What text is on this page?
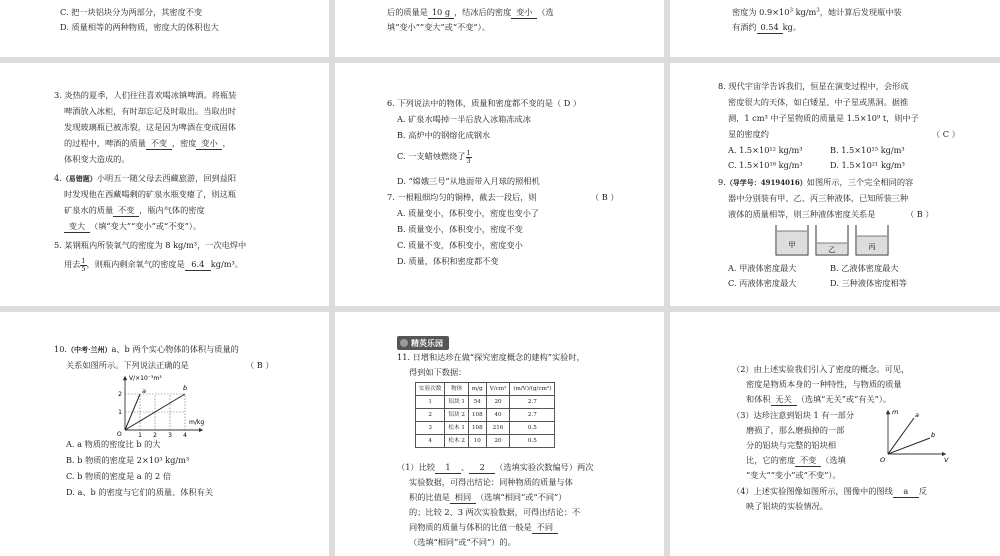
C. 把一块铝块分为两部分，其密度不变
D. 质量相等的两种物质，密度大的体积也大
后的质量是 10 g ，结冰后的密度 变小 （选
填“变小”“变大”或“不变”）。
密度为 $0.9\times 10^3$ $kg/m^3$，她计算后发现瓶中装
有酒约 0.54 kg。
3. 炎热的夏季，人们往往喜欢喝冰镇啤酒。将瓶装
啤酒放入冰柜，有时却忘记及时取出。当取出时
发现玻璃瓶已被冻裂，这是因为啤酒在变成固体
的过程中，啤酒的质量 不变 ，密度 变小 ，
体积变大造成的。
4.（易错题）小明五一随父母去西藏旅游，回到益阳
时发现他在西藏喝剩的矿泉水瓶变瘪了，则这瓶
矿泉水的质量 不变 ，瓶内气体的密度
变大 （填“变大”“变小”或“不变”）。
5. 某钢瓶内所装氧气的密度为 8 kg/m³，一次电焊中
用去 $\frac{1}{5}$ ，则瓶内剩余氧气的密度是 6.4 kg/m³。
6. 下列说法中的物体，质量和密度都不变的是（ D ）
A. 矿泉水喝掉一半后放入冰箱冻成冰
B. 高炉中的钢熔化成钢水
C. 一支蜡烛燃烧了 $\frac{1}{3}$
D. “嫦娥三号”从地面带入月球的照相机
7. 一根粗细均匀的铜棒，截去一段后，则	（ B ）
A. 质量变小，体积变小，密度也变小了
B. 质量变小，体积变小，密度不变
C. 质量不变，体积变小，密度变小
D. 质量，体积和密度都不变
8. 现代宇宙学告诉我们，恒星在演变过程中，会形成
密度很大的天体，如白矮星、中子星或黑洞。据推
测，1 cm³ 中子星物质的质量是 1.5×10⁹ t，则中子
星的密度约	（ C ）
A. 1.5×10¹² kg/m³	B. 1.5×10¹⁵ kg/m³
C. 1.5×10¹⁸ kg/m³	D. 1.5×10²¹ kg/m³
9.（导学号：49194016）如图所示，三个完全相同的容
器中分别装有甲、乙、丙三种液体，已知所装三种
液体的质量相等，则三种液体密度关系是	（ B ）
甲
乙	丙
A. 甲液体密度最大	B. 乙液体密度最大
C. 丙液体密度最大	D. 三种液体密度相等
10.（中考·兰州）a、b 两个实心物体的体积与质量的
关系如图所示。下列说法正确的是	（ B ）
V/×10⁻³m³
m/kg
O	1 2 3 4
1
2	a	b
A. a 物质的密度比 b 的大
B. b 物质的密度是 2×10³ kg/m³
C. b 物质的密度是 a 的 2 倍
D. a、b 的密度与它们的质量、体积有关
精英乐园
11. 日增和达珍在做“探究密度概念的建构”实验时，
得到如下数据：
实验次数	物体	m/g	V/cm³	(m/V)/(g/cm³)
1	铝块 1	54	20	2.7
2	铝块 2	108	40	2.7
3	松木 1	108	216	0.5
4	松木 2	10	20	0.5
（1）比较 1 、 2 （选填实验次数编号）两次
实验数据，可得出结论：同种物质的质量与体
积的比值是 相同 （选填“相同”或“不同”）
的；比较 2、3 两次实验数据，可得出结论：不
同物质的质量与体积的比值一般是 不同
（选填“相同”或“不同”）的。
（2）由上述实验我们引入了密度的概念。可见，
密度是物质本身的一种特性，与物质的质量
和体积 无关 （选填“无关”或“有关”）。
（3）达珍注意到铝块 1 有一部分
磨损了，那么磨损掉的一部
分的铝块与完整的铝块相
比，它的密度 不变 （选填
“变大”“变小”或“不变”）。
m
V
O
a
b
（4）上述实验图像如图所示，图像中的图线 a 反
映了铝块的实验情况。
